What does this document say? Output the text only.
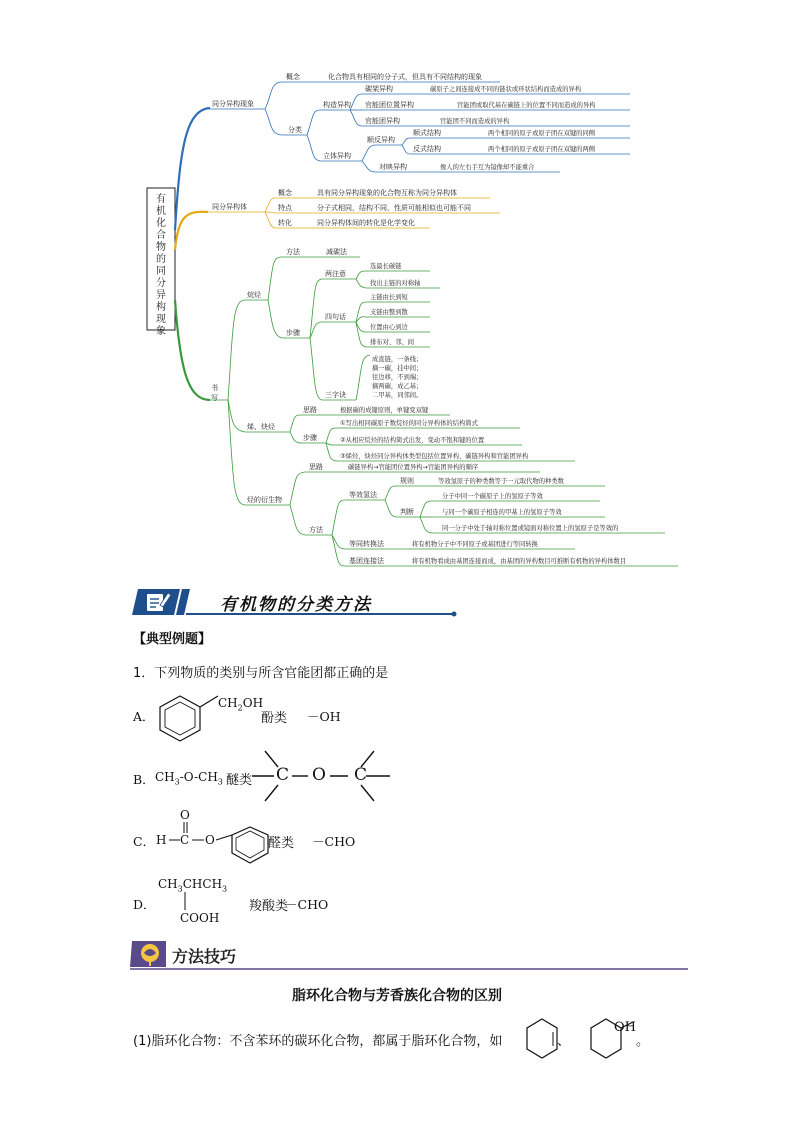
有
机
化
合
物
的
同
分
异
构
现
象
同分异构现象
概念	化合物具有相同的分子式，但具有不同结构的现象
分类
构造异构
碳架异构	碳原子之间连接成不同的链状或环状结构而造成的异构
官能团位置异构	官能团或取代基在碳链上的位置不同而造成的异构
官能团异构	官能团不同而造成的异构
立体异构
顺反异构
顺式结构	两个相同的原子或原子团在双键的同侧
反式结构	两个相同的原子或原子团在双键的两侧
对映异构	像人的左右手互为镜像却不能重合
同分异构体
概念	具有同分异构现象的化合物互称为同分异构体
特点	分子式相同，结构不同，性质可能相似也可能不同
转化	同分异构体间的转化是化学变化
书
写
烷烃
方法	减碳法
两注意
选最长碳链
找出主链的对称轴
步骤
四句话
主链由长到短
支链由整到散
位置由心到边
排布对、邻、间
三字诀
成直链，一条线；
摘一碳，挂中间；
往边移，不到端；
摘两碳，成乙基；
二甲基，同邻间。
烯、炔烃
思路	根据碳的成键原则，单键变双键
步骤
①写出相同碳原子数烷烃的同分异构体的结构简式
②从相应烷烃的结构简式出发，变动不饱和键的位置
③烯烃、炔烃同分异构体类型包括位置异构、碳链异构和官能团异构
烃的衍生物
思路	碳链异构→官能团位置异构→官能团异构的顺序
方法
等效氢法
规则	等效氢原子的种类数等于一元取代物的种类数
判断
分子中同一个碳原子上的氢原子等效
与同一个碳原子相连的甲基上的氢原子等效
同一分子中处于轴对称位置或镜面对称位置上的氢原子是等效的
等同转换法	将有机物分子中不同原子或基团进行等同转换
基团连接法	将有机物看成由基团连接而成，由基团的异构数目可推断有机物的异构体数目
有机物的分类方法
【典型例题】
1．下列物质的类别与所含官能团都正确的是
A．
$CH_2OH$
酚类 －OH
B． $CH_3-O-CH_3$ 醚类 C O C
C． H C
O
O	醛类 －CHO
D．
$CH_3CHCH_3$
COOH
羧酸类
－CHO
方法技巧
脂环化合物与芳香族化合物的区别
(1)脂环化合物：不含苯环的碳环化合物，都属于脂环化合物，如	、
OH
。
